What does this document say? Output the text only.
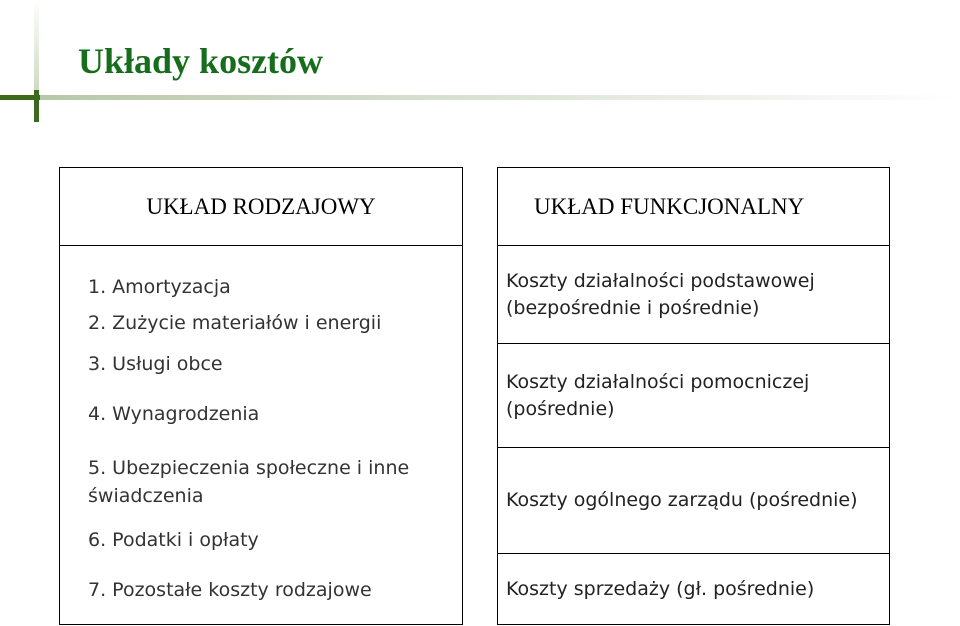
Układy kosztów
UKŁAD RODZAJOWY
1. Amortyzacja
2. Zużycie materiałów i energii
3. Usługi obce
4. Wynagrodzenia
5. Ubezpieczenia społeczne i inne świadczenia
6. Podatki i opłaty
7. Pozostałe koszty rodzajowe
UKŁAD FUNKCJONALNY
Koszty działalności podstawowej (bezpośrednie i pośrednie)
Koszty działalności pomocniczej (pośrednie)
Koszty ogólnego zarządu (pośrednie)
Koszty sprzedaży (gł. pośrednie)
